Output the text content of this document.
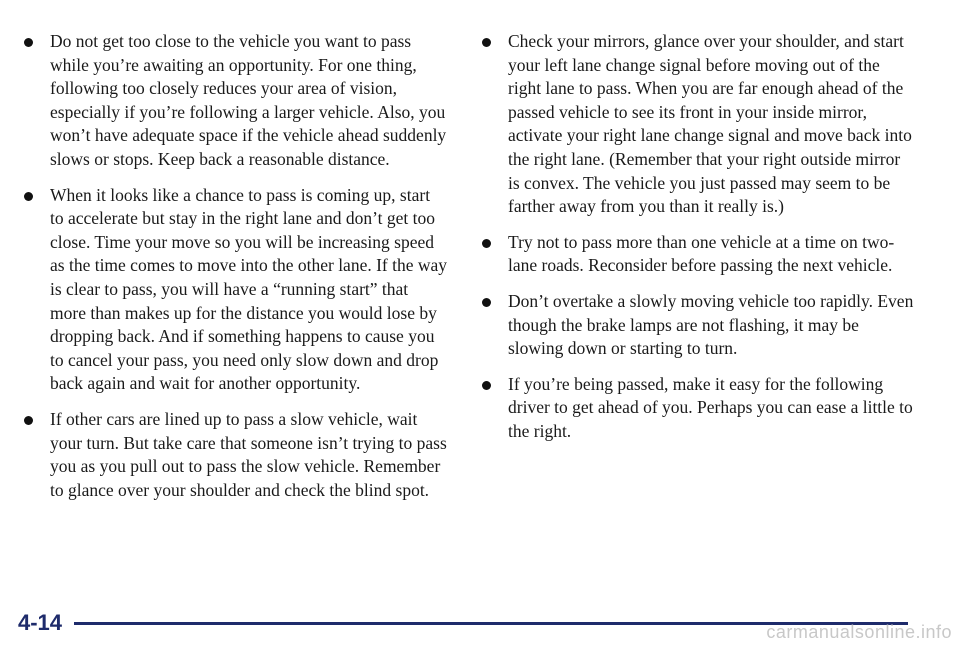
Do not get too close to the vehicle you want to pass while you’re awaiting an opportunity. For one thing, following too closely reduces your area of vision, especially if you’re following a larger vehicle. Also, you won’t have adequate space if the vehicle ahead suddenly slows or stops. Keep back a reasonable distance.
When it looks like a chance to pass is coming up, start to accelerate but stay in the right lane and don’t get too close. Time your move so you will be increasing speed as the time comes to move into the other lane. If the way is clear to pass, you will have a “running start” that more than makes up for the distance you would lose by dropping back. And if something happens to cause you to cancel your pass, you need only slow down and drop back again and wait for another opportunity.
If other cars are lined up to pass a slow vehicle, wait your turn. But take care that someone isn’t trying to pass you as you pull out to pass the slow vehicle. Remember to glance over your shoulder and check the blind spot.
Check your mirrors, glance over your shoulder, and start your left lane change signal before moving out of the right lane to pass. When you are far enough ahead of the passed vehicle to see its front in your inside mirror, activate your right lane change signal and move back into the right lane. (Remember that your right outside mirror is convex. The vehicle you just passed may seem to be farther away from you than it really is.)
Try not to pass more than one vehicle at a time on two-lane roads. Reconsider before passing the next vehicle.
Don’t overtake a slowly moving vehicle too rapidly. Even though the brake lamps are not flashing, it may be slowing down or starting to turn.
If you’re being passed, make it easy for the following driver to get ahead of you. Perhaps you can ease a little to the right.
4-14	carmanualsonline.info
